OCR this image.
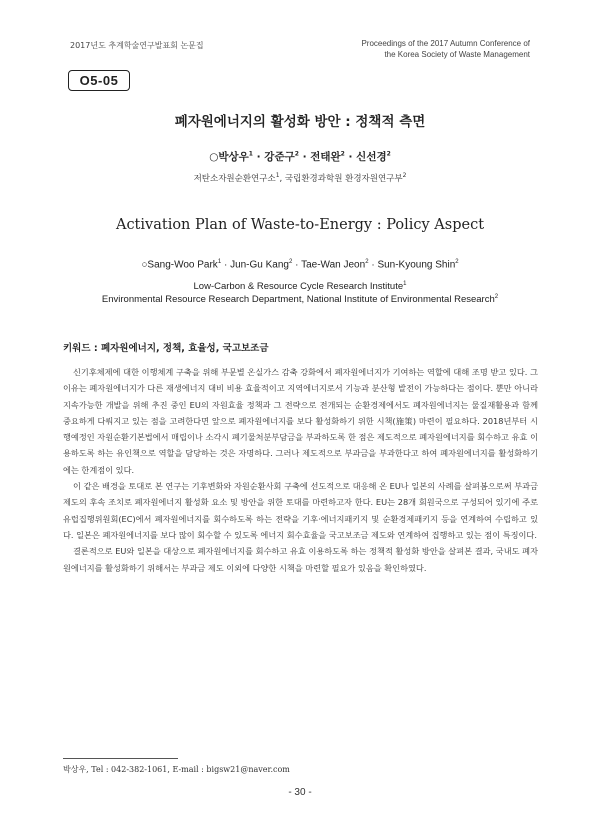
2017년도 추계학술연구발표회 논문집	Proceedings of the 2017 Autumn Conference of
the Korea Society of Waste Management
O5-05
폐자원에너지의 활성화 방안 : 정책적 측면
○박상우$^1$ · 강준구$^2$ · 전태완$^2$ · 신선경$^2$
저탄소자원순환연구소$^1$, 국립환경과학원 환경자원연구부$^2$
Activation Plan of Waste-to-Energy : Policy Aspect
○Sang-Woo Park$^1$ · Jun-Gu Kang$^2$ · Tae-Wan Jeon$^2$ · Sun-Kyoung Shin$^2$
Low-Carbon & Resource Cycle Research Institute$^1$
Environmental Resource Research Department, National Institute of Environmental Research$^2$
키워드 : 폐자원에너지, 정책, 효율성, 국고보조금

신기후체제에 대한 이행체계 구축을 위해 부문별 온실가스 감축 강화에서 폐자원에너지가 기여하는 역할에 대해 조명 받고 있다. 그 이유는 폐자원에너지가 다른 재생에너지 대비 비용 효율적이고 지역에너지로서 기능과 분산형 발전이 가능하다는 점이다. 뿐만 아니라 지속가능한 개발을 위해 추진 중인 EU의 자원효율 정책과 그 전략으로 전개되는 순환경제에서도 폐자원에너지는 물질재활용과 함께 중요하게 다뤄지고 있는 점을 고려한다면 앞으로 폐자원에너지를 보다 활성화하기 위한 시책(施策) 마련이 필요하다. 2018년부터 시행예정인 자원순환기본법에서 매립이나 소각시 폐기물처분부담금을 부과하도록 한 점은 제도적으로 폐자원에너지를 회수하고 유효 이용하도록 하는 유인책으로 역할을 담당하는 것은 자명하다. 그러나 제도적으로 부과금을 부과한다고 하여 폐자원에너지를 활성화하기에는 한계점이 있다.

이 같은 배경을 토대로 본 연구는 기후변화와 자원순환사회 구축에 선도적으로 대응해 온 EU나 일본의 사례를 살펴봄으로써 부과금 제도의 후속 조치로 폐자원에너지 활성화 요소 및 방안을 위한 토대를 마련하고자 한다. EU는 28개 회원국으로 구성되어 있기에 주로 유럽집행위원회(EC)에서 폐자원에너지를 회수하도록 하는 전략을 기후·에너지패키지 및 순환경제패키지 등을 연계하여 수립하고 있다. 일본은 폐자원에너지를 보다 많이 회수할 수 있도록 에너지 회수효율을 국고보조금 제도와 연계하여 집행하고 있는 점이 특징이다.

결론적으로 EU와 일본을 대상으로 폐자원에너지를 회수하고 유효 이용하도록 하는 정책적 활성화 방안을 살펴본 결과, 국내도 폐자원에너지를 활성화하기 위해서는 부과금 제도 이외에 다양한 시책을 마련할 필요가 있음을 확인하였다.

박상우, Tel : 042-382-1061, E-mail : bigsw21@naver.com
- 30 -
